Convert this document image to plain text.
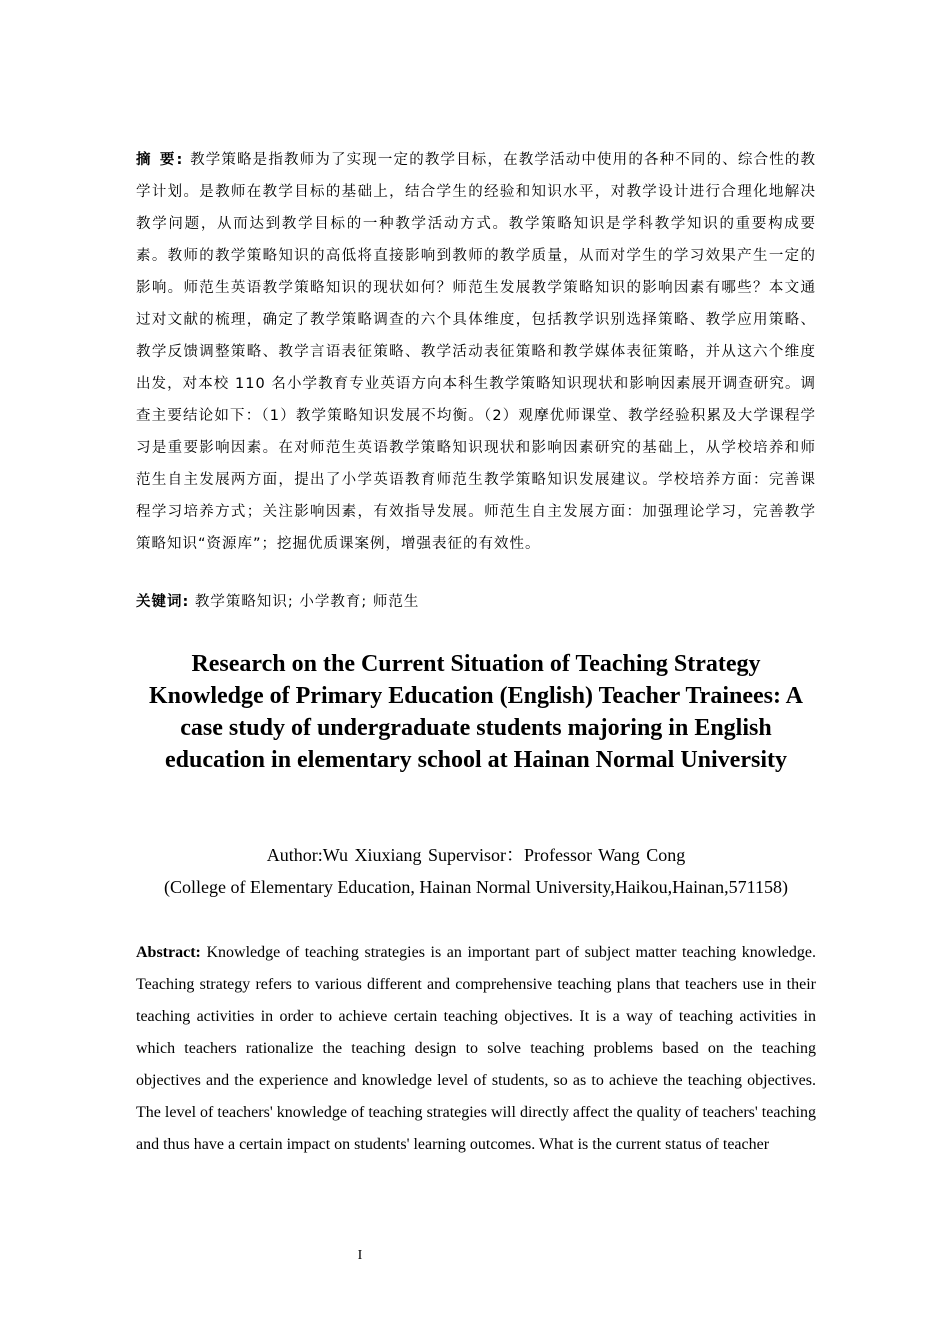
摘 要: 教学策略是指教师为了实现一定的教学目标，在教学活动中使用的各种不同的、综合性的教学计划。是教师在教学目标的基础上，结合学生的经验和知识水平，对教学设计进行合理化地解决教学问题，从而达到教学目标的一种教学活动方式。教学策略知识是学科教学知识的重要构成要素。教师的教学策略知识的高低将直接影响到教师的教学质量，从而对学生的学习效果产生一定的影响。师范生英语教学策略知识的现状如何？师范生发展教学策略知识的影响因素有哪些？本文通过对文献的梳理，确定了教学策略调查的六个具体维度，包括教学识别选择策略、教学应用策略、教学反馈调整策略、教学言语表征策略、教学活动表征策略和教学媒体表征策略，并从这六个维度出发，对本校 110 名小学教育专业英语方向本科生教学策略知识现状和影响因素展开调查研究。调查主要结论如下：（1）教学策略知识发展不均衡。（2）观摩优师课堂、教学经验积累及大学课程学习是重要影响因素。在对师范生英语教学策略知识现状和影响因素研究的基础上，从学校培养和师范生自主发展两方面，提出了小学英语教育师范生教学策略知识发展建议。学校培养方面：完善课程学习培养方式；关注影响因素，有效指导发展。师范生自主发展方面：加强理论学习，完善教学策略知识“资源库”；挖掘优质课案例，增强表征的有效性。
关键词: 教学策略知识; 小学教育; 师范生
Research on the Current Situation of Teaching Strategy Knowledge of Primary Education (English) Teacher Trainees: A case study of undergraduate students majoring in English education in elementary school at Hainan Normal University
Author:Wu Xiuxiang Supervisor：Professor Wang Cong
(College of Elementary Education, Hainan Normal University,Haikou,Hainan,571158)
Abstract: Knowledge of teaching strategies is an important part of subject matter teaching knowledge. Teaching strategy refers to various different and comprehensive teaching plans that teachers use in their teaching activities in order to achieve certain teaching objectives. It is a way of teaching activities in which teachers rationalize the teaching design to solve teaching problems based on the teaching objectives and the experience and knowledge level of students, so as to achieve the teaching objectives. The level of teachers' knowledge of teaching strategies will directly affect the quality of teachers' teaching and thus have a certain impact on students' learning outcomes. What is the current status of teacher
I
